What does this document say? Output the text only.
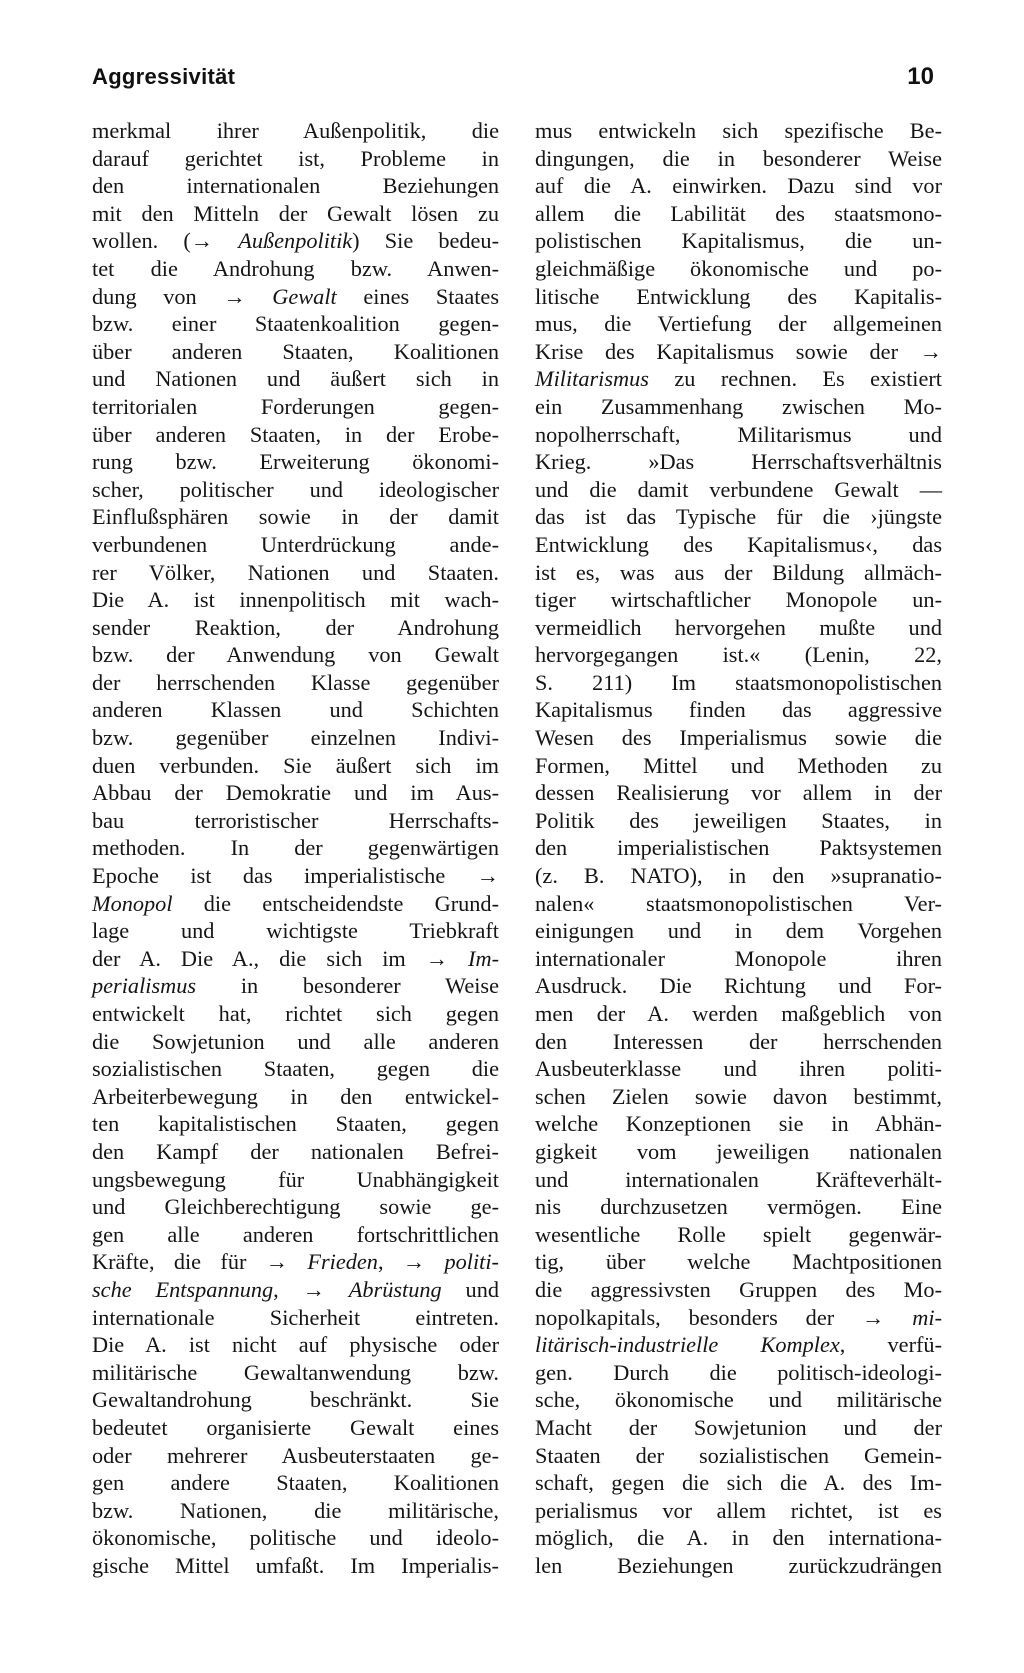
Aggressivität	10
merkmal ihrer Außenpolitik, die
darauf gerichtet ist, Probleme in
den internationalen Beziehungen
mit den Mitteln der Gewalt lösen zu
wollen. (→ Außenpolitik) Sie bedeu-
tet die Androhung bzw. Anwen-
dung von → Gewalt eines Staates
bzw. einer Staatenkoalition gegen-
über anderen Staaten, Koalitionen
und Nationen und äußert sich in
territorialen Forderungen gegen-
über anderen Staaten, in der Erobe-
rung bzw. Erweiterung ökonomi-
scher, politischer und ideologischer
Einflußsphären sowie in der damit
verbundenen Unterdrückung ande-
rer Völker, Nationen und Staaten.
Die A. ist innenpolitisch mit wach-
sender Reaktion, der Androhung
bzw. der Anwendung von Gewalt
der herrschenden Klasse gegenüber
anderen Klassen und Schichten
bzw. gegenüber einzelnen Indivi-
duen verbunden. Sie äußert sich im
Abbau der Demokratie und im Aus-
bau terroristischer Herrschafts-
methoden. In der gegenwärtigen
Epoche ist das imperialistische →
Monopol die entscheidendste Grund-
lage und wichtigste Triebkraft
der A. Die A., die sich im → Im-
perialismus in besonderer Weise
entwickelt hat, richtet sich gegen
die Sowjetunion und alle anderen
sozialistischen Staaten, gegen die
Arbeiterbewegung in den entwickel-
ten kapitalistischen Staaten, gegen
den Kampf der nationalen Befrei-
ungsbewegung für Unabhängigkeit
und Gleichberechtigung sowie ge-
gen alle anderen fortschrittlichen
Kräfte, die für → Frieden, → politi-
sche Entspannung, → Abrüstung und
internationale Sicherheit eintreten.
Die A. ist nicht auf physische oder
militärische Gewaltanwendung bzw.
Gewaltandrohung beschränkt. Sie
bedeutet organisierte Gewalt eines
oder mehrerer Ausbeuterstaaten ge-
gen andere Staaten, Koalitionen
bzw. Nationen, die militärische,
ökonomische, politische und ideolo-
gische Mittel umfaßt. Im Imperialis-
mus entwickeln sich spezifische Be-
dingungen, die in besonderer Weise
auf die A. einwirken. Dazu sind vor
allem die Labilität des staatsmono-
polistischen Kapitalismus, die un-
gleichmäßige ökonomische und po-
litische Entwicklung des Kapitalis-
mus, die Vertiefung der allgemeinen
Krise des Kapitalismus sowie der →
Militarismus zu rechnen. Es existiert
ein Zusammenhang zwischen Mo-
nopolherrschaft, Militarismus und
Krieg. »Das Herrschaftsverhältnis
und die damit verbundene Gewalt —
das ist das Typische für die ›jüngste
Entwicklung des Kapitalismus‹, das
ist es, was aus der Bildung allmäch-
tiger wirtschaftlicher Monopole un-
vermeidlich hervorgehen mußte und
hervorgegangen ist.« (Lenin, 22,
S. 211) Im staatsmonopolistischen
Kapitalismus finden das aggressive
Wesen des Imperialismus sowie die
Formen, Mittel und Methoden zu
dessen Realisierung vor allem in der
Politik des jeweiligen Staates, in
den imperialistischen Paktsystemen
(z. B. NATO), in den »supranatio-
nalen« staatsmonopolistischen Ver-
einigungen und in dem Vorgehen
internationaler Monopole ihren
Ausdruck. Die Richtung und For-
men der A. werden maßgeblich von
den Interessen der herrschenden
Ausbeuterklasse und ihren politi-
schen Zielen sowie davon bestimmt,
welche Konzeptionen sie in Abhän-
gigkeit vom jeweiligen nationalen
und internationalen Kräfteverhält-
nis durchzusetzen vermögen. Eine
wesentliche Rolle spielt gegenwär-
tig, über welche Machtpositionen
die aggressivsten Gruppen des Mo-
nopolkapitals, besonders der → mi-
litärisch-industrielle Komplex, verfü-
gen. Durch die politisch-ideologi-
sche, ökonomische und militärische
Macht der Sowjetunion und der
Staaten der sozialistischen Gemein-
schaft, gegen die sich die A. des Im-
perialismus vor allem richtet, ist es
möglich, die A. in den internationa-
len Beziehungen zurückzudrängen
